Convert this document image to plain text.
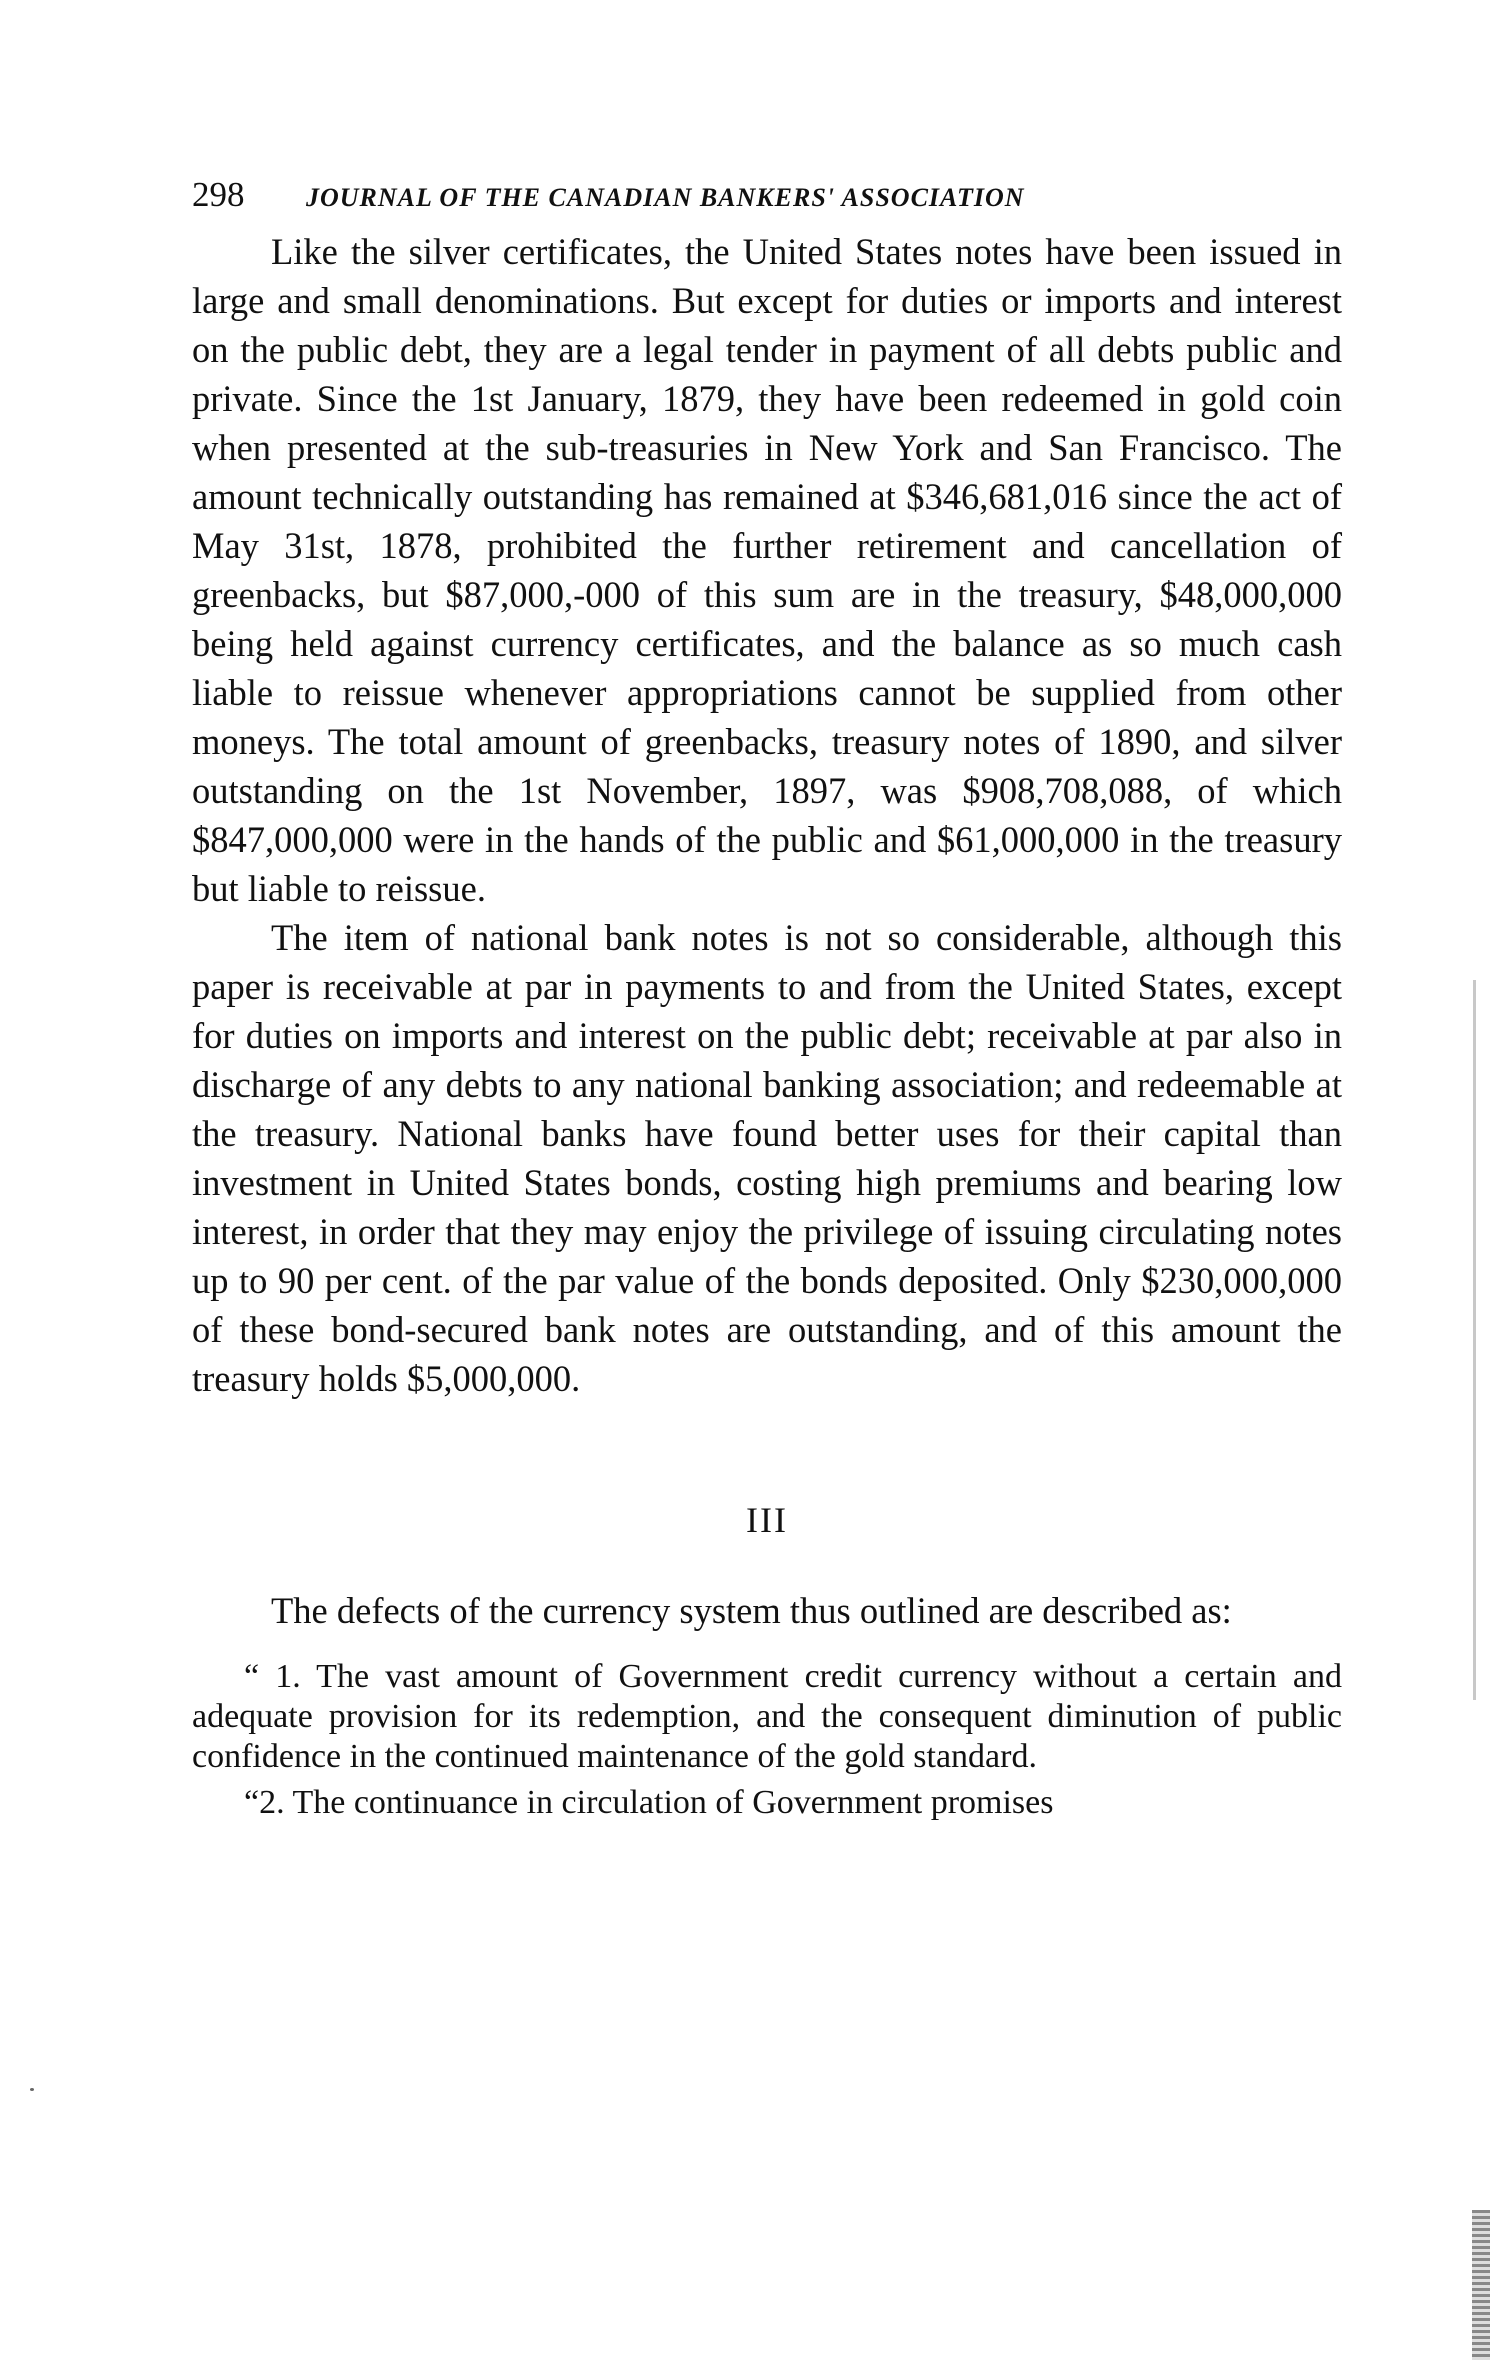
298 JOURNAL OF THE CANADIAN BANKERS' ASSOCIATION

Like the silver certificates, the United States notes have been issued in large and small denominations. But except for duties or imports and interest on the public debt, they are a legal tender in payment of all debts public and private. Since the 1st January, 1879, they have been redeemed in gold coin when presented at the sub-treasuries in New York and San Francisco. The amount technically outstanding has remained at $346,681,016 since the act of May 31st, 1878, prohibited the further retirement and cancellation of greenbacks, but $87,000,-000 of this sum are in the treasury, $48,000,000 being held against currency certificates, and the balance as so much cash liable to reissue whenever appropriations cannot be supplied from other moneys. The total amount of greenbacks, treasury notes of 1890, and silver outstanding on the 1st November, 1897, was $908,708,088, of which $847,000,000 were in the hands of the public and $61,000,000 in the treasury but liable to reissue.

The item of national bank notes is not so considerable, although this paper is receivable at par in payments to and from the United States, except for duties on imports and interest on the public debt; receivable at par also in discharge of any debts to any national banking association; and redeemable at the treasury. National banks have found better uses for their capital than investment in United States bonds, costing high premiums and bearing low interest, in order that they may enjoy the privilege of issuing circulating notes up to 90 per cent. of the par value of the bonds deposited. Only $230,000,000 of these bond-secured bank notes are outstanding, and of this amount the treasury holds $5,000,000.

III

The defects of the currency system thus outlined are described as:

“ 1. The vast amount of Government credit currency without a certain and adequate provision for its redemption, and the consequent diminution of public confidence in the continued maintenance of the gold standard.

“2. The continuance in circulation of Government promises
